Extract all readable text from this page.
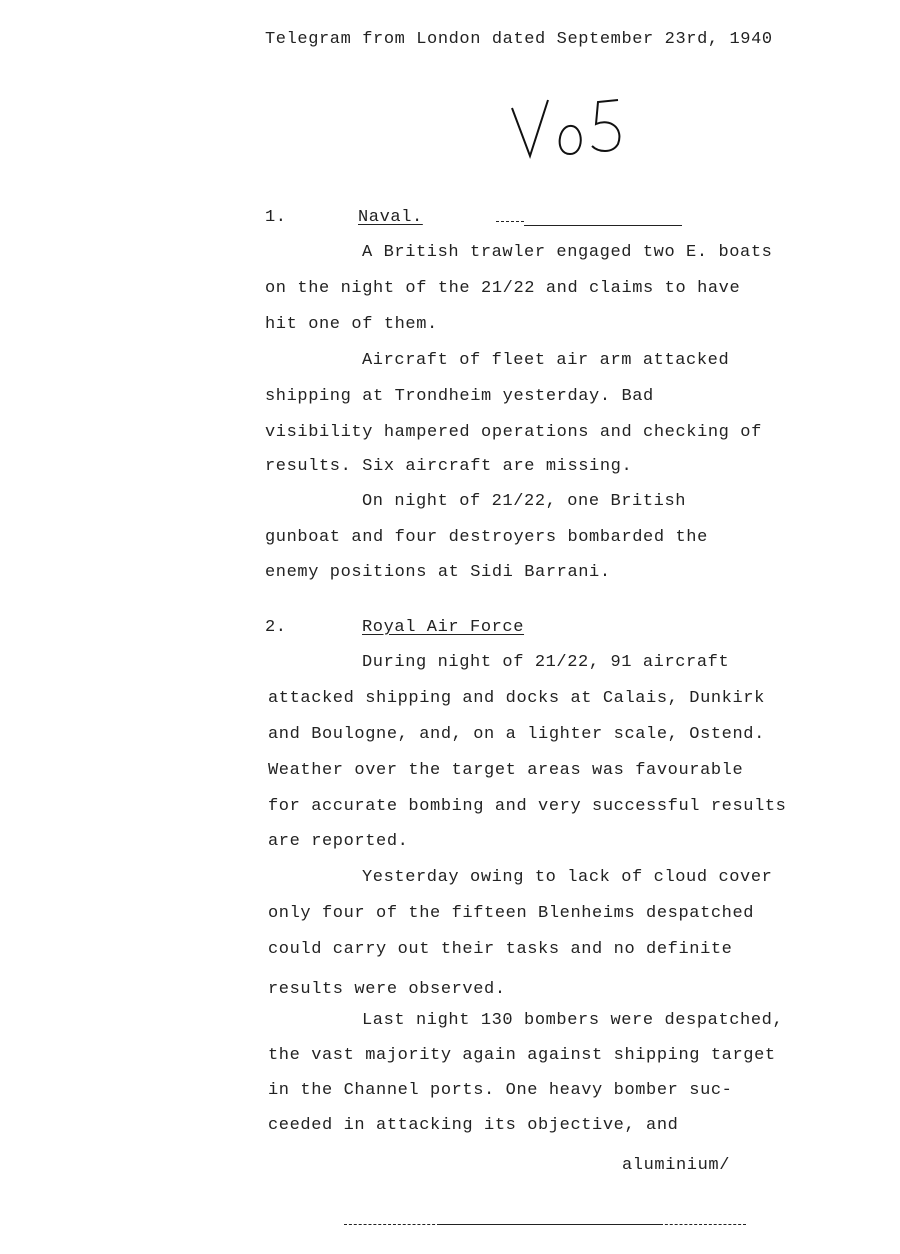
Telegram from London dated September 23rd, 1940
1.	Naval.
A British trawler engaged two E. boats
on the night of the 21/22 and claims to have
hit one of them.
Aircraft of fleet air arm attacked
shipping at Trondheim yesterday. Bad
visibility hampered operations and checking of
results. Six aircraft are missing.
On night of 21/22, one British
gunboat and four destroyers bombarded the
enemy positions at Sidi Barrani.
2.	Royal Air Force
During night of 21/22, 91 aircraft
attacked shipping and docks at Calais, Dunkirk
and Boulogne, and, on a lighter scale, Ostend.
Weather over the target areas was favourable
for accurate bombing and very successful results
are reported.
Yesterday owing to lack of cloud cover
only four of the fifteen Blenheims despatched
could carry out their tasks and no definite
results were observed.
Last night 130 bombers were despatched,
the vast majority again against shipping target
in the Channel ports. One heavy bomber suc-
ceeded in attacking its objective, and
aluminium/
